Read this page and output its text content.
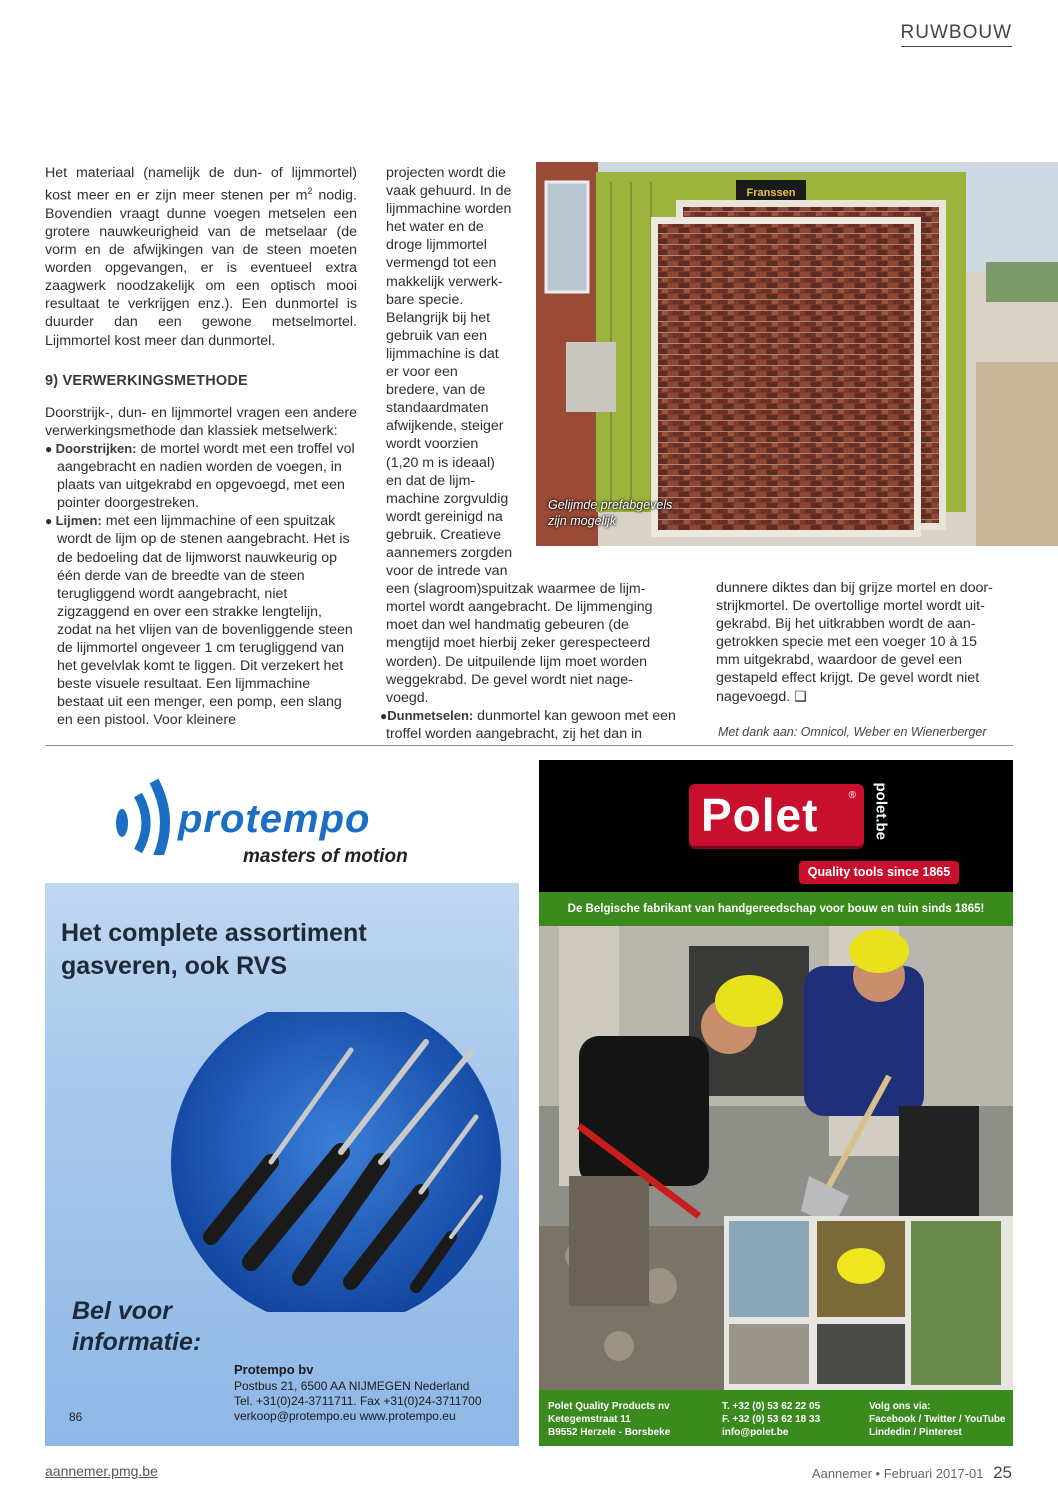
RUWBOUW

Het materiaal (namelijk de dun- of lijmmortel) kost meer en er zijn meer stenen per $m^2$ nodig. Bovendien vraagt dunne voegen metselen een grotere nauwkeurigheid van de metselaar (de vorm en de afwijkingen van de steen moeten worden opgevangen, er is eventueel extra zaagwerk noodzakelijk om een optisch mooi resultaat te verkrijgen enz.). Een dunmortel is duurder dan een gewone metselmortel. Lijmmortel kost meer dan dunmortel.

9) VERWERKINGSMETHODE

Doorstrijk-, dun- en lijmmortel vragen een andere verwerkingsmethode dan klassiek metselwerk:

● Doorstrijken: de mortel wordt met een troffel vol aangebracht en nadien worden de voegen, in plaats van uitgekrabd en opgevoegd, met een pointer doorgestreken.
● Lijmen: met een lijmmachine of een spuitzak wordt de lijm op de stenen aangebracht. Het is de bedoeling dat de lijmworst nauwkeurig op één derde van de breedte van de steen terugliggend wordt aangebracht, niet zigzaggend en over een strakke lengtelijn, zodat na het vlijen van de bovenliggende steen de lijmmortel ongeveer 1 cm terugliggend van het gevelvlak komt te liggen. Dit verzekert het beste visuele resultaat. Een lijmmachine bestaat uit een menger, een pomp, een slang en een pistool. Voor kleinere
projecten wordt die
vaak gehuurd. In de
lijmmachine worden
het water en de
droge lijmmortel
vermengd tot een
makkelijk verwerk-
bare specie.
Belangrijk bij het
gebruik van een
lijmmachine is dat
er voor een
bredere, van de
standaardmaten
afwijkende, steiger
wordt voorzien
(1,20 m is ideaal)
en dat de lijm-
machine zorgvuldig
wordt gereinigd na
gebruik. Creatieve
aannemers zorgden
voor de intrede van
een (slagroom)spuitzak waarmee de lijm-
mortel wordt aangebracht. De lijmmenging
moet dan wel handmatig gebeuren (de
mengtijd moet hierbij zeker gerespecteerd
worden). De uitpuilende lijm moet worden
weggekrabd. De gevel wordt niet nage-
voegd.
●Dunmetselen: dunmortel kan gewoon met een
troffel worden aangebracht, zij het dan in
Franssen
Gelijmde prefabgevels
zijn mogelijk
dunnere diktes dan bij grijze mortel en door-
strijkmortel. De overtollige mortel wordt uit-
gekrabd. Bij het uitkrabben wordt de aan-
getrokken specie met een voeger 10 à 15
mm uitgekrabd, waardoor de gevel een
gestapeld effect krijgt. De gevel wordt niet
nagevoegd. ❑
Met dank aan: Omnicol, Weber en Wienerberger
protempo
masters of motion
Het complete assortiment
gasveren, ook RVS
Bel voor
informatie:
Protempo bv
Postbus 21, 6500 AA NIJMEGEN Nederland
Tel. +31(0)24-3711711. Fax +31(0)24-3711700
verkoop@protempo.eu www.protempo.eu
86
Polet	® polet.be
Quality tools since 1865
De Belgische fabrikant van handgereedschap voor bouw en tuin sinds 1865!
Polet Quality Products nv
Ketegemstraat 11
B9552 Herzele - Borsbeke
T. +32 (0) 53 62 22 05
F. +32 (0) 53 62 18 33
info@polet.be
Volg ons via:
Facebook / Twitter / YouTube
Lindedin / Pinterest
aannemer.pmg.be	Aannemer • Februari 2017-01 25
